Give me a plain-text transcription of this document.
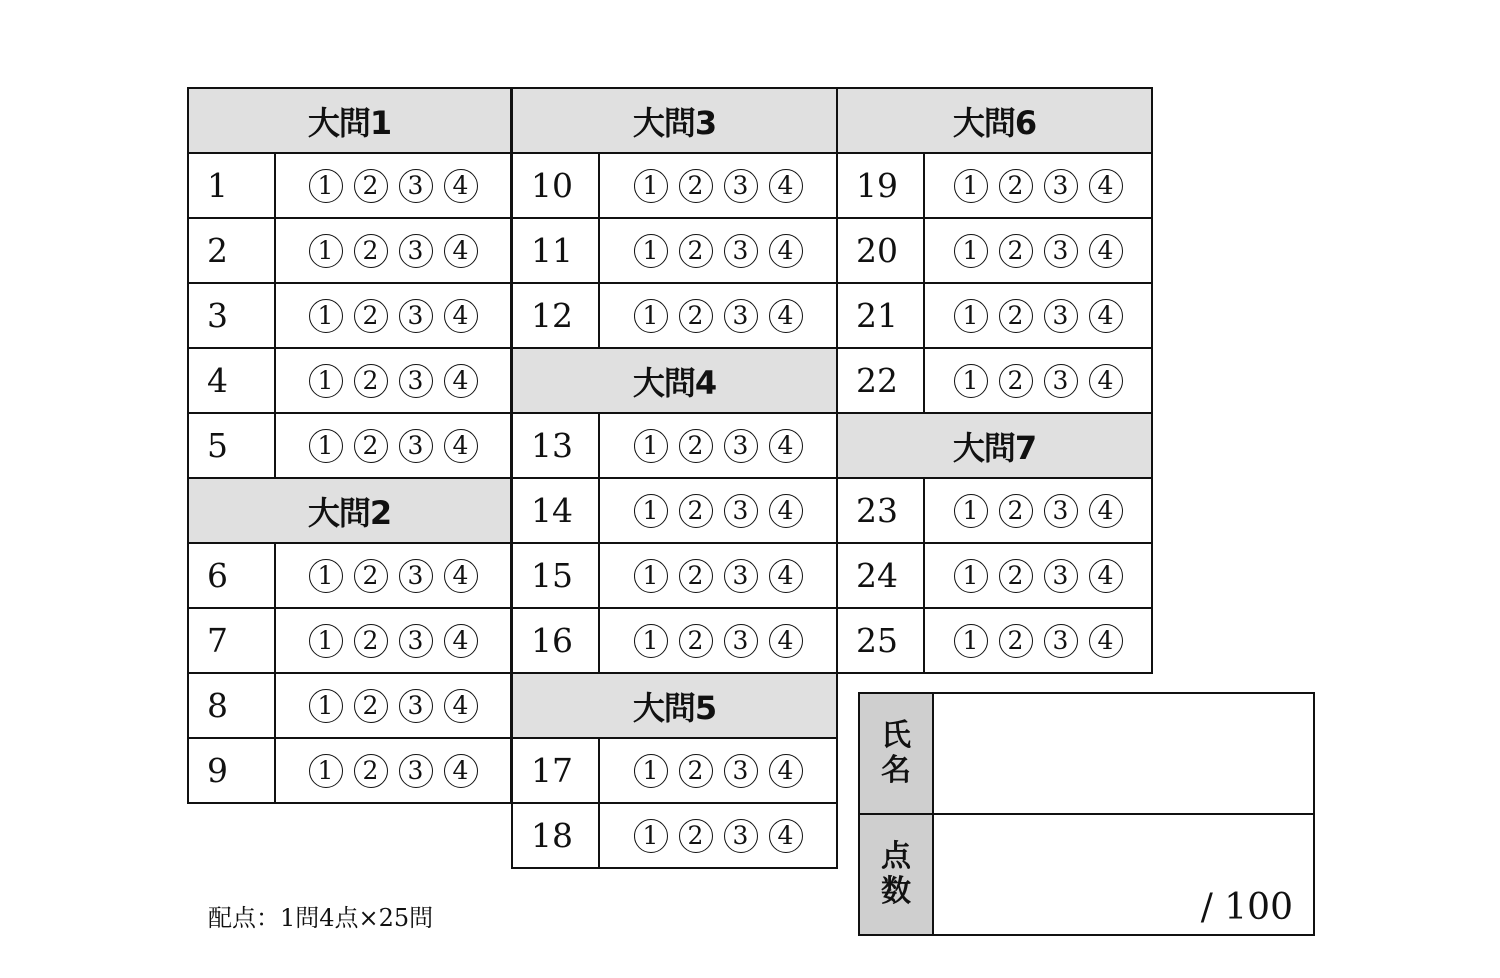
大問1
1	1	2	3	4
2	1	2	3	4
3	1	2	3	4
4	1	2	3	4
5	1	2	3	4
大問2
6	1	2	3	4
7	1	2	3	4
8	1	2	3	4
9	1	2	3	4
大問3
10	1	2	3	4
11	1	2	3	4
12	1	2	3	4
大問4
13	1	2	3	4
14	1	2	3	4
15	1	2	3	4
16	1	2	3	4
大問5
17	1	2	3	4
18	1	2	3	4
大問6
19	1	2	3	4
20	1	2	3	4
21	1	2	3	4
22	1	2	3	4
大問7
23	1	2	3	4
24	1	2	3	4
25	1	2	3	4
配点：1問4点×25問
氏
名
点
数	/ 100
